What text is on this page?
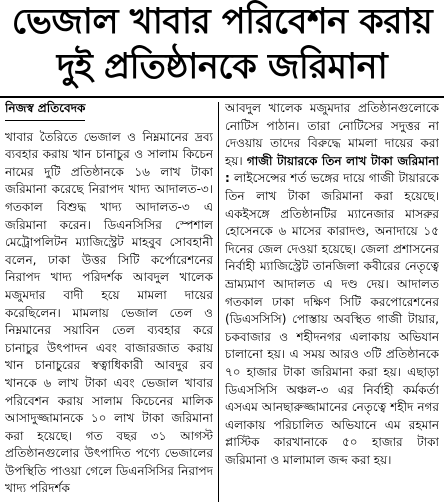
ভেজাল খাবার পরিবেশন করায়
দুই প্রতিষ্ঠানকে জরিমানা
নিজস্ব প্রতিবেদক

খাবার তৈরিতে ভেজাল ও নিম্নমানের দ্রব্য ব্যবহার করায় খান চানাচুর ও সালাম কিচেন নামের দুটি প্রতিষ্ঠানকে ১৬ লাখ টাকা জরিমানা করেছে নিরাপদ খাদ্য আদালত-৩। গতকাল বিশুদ্ধ খাদ্য আদালত-৩ এ জরিমানা করেন। ডিএনসিসির স্পেশাল মেট্রোপলিটন ম্যাজিস্ট্রেট মাহবুব সোবহানী বলেন, ঢাকা উত্তর সিটি কর্পোরেশনের নিরাপদ খাদ্য পরিদর্শক আবদুল খালেক মজুমদার বাদী হয়ে মামলা দায়ের করেছিলেন। মামলায় ভেজাল তেল ও নিম্নমানের সয়াবিন তেল ব্যবহার করে চানাচুর উৎপাদন এবং বাজারজাত করায় খান চানাচুরের স্বত্বাধিকারী আবদুর রব খানকে ৬ লাখ টাকা এবং ভেজাল খাবার পরিবেশন করায় সালাম কিচেনের মালিক আসাদুজ্জামানকে ১০ লাখ টাকা জরিমানা করা হয়েছে। গত বছর ৩১ আগস্ট প্রতিষ্ঠানগুলোর উৎপাদিত পণ্যে ভেজালের উপস্থিতি পাওয়া গেলে ডিএনসিসির নিরাপদ খাদ্য পরিদর্শক

আবদুল খালেক মজুমদার প্রতিষ্ঠানগুলোকে নোটিস পাঠান। তারা নোটিসের সদুত্তর না দেওয়ায় তাদের বিরুদ্ধে মামলা দায়ের করা হয়। গাজী টায়ারকে তিন লাখ টাকা জরিমানা : লাইসেন্সের শর্ত ভঙ্গের দায়ে গাজী টায়ারকে তিন লাখ টাকা জরিমানা করা হয়েছে। একইসঙ্গে প্রতিষ্ঠানটির ম্যানেজার মাসরুর হোসেনকে ৬ মাসের কারাদণ্ড, অনাদায়ে ১৫ দিনের জেল দেওয়া হয়েছে। জেলা প্রশাসনের নির্বাহী ম্যাজিস্ট্রেট তানজিলা কবীরের নেতৃত্বে ভ্রাম্যমাণ আদালত এ দণ্ড দেয়। আদালত গতকাল ঢাকা দক্ষিণ সিটি করপোরেশনের (ডিএসসিসি) পোস্তায় অবস্থিত গাজী টায়ার, চকবাজার ও শহীদনগর এলাকায় অভিযান চালানো হয়। এ সময় আরও ৩টি প্রতিষ্ঠানকে ৭০ হাজার টাকা জরিমানা করা হয়। এছাড়া ডিএসসিসি অঞ্চল-৩ এর নির্বাহী কর্মকর্তা এসএম আনছারুজ্জামানের নেতৃত্বে শহীদ নগর এলাকায় পরিচালিত অভিযানে এম রহমান প্লাস্টিক কারখানাকে ৫০ হাজার টাকা জরিমানা ও মালামাল জব্দ করা হয়।
